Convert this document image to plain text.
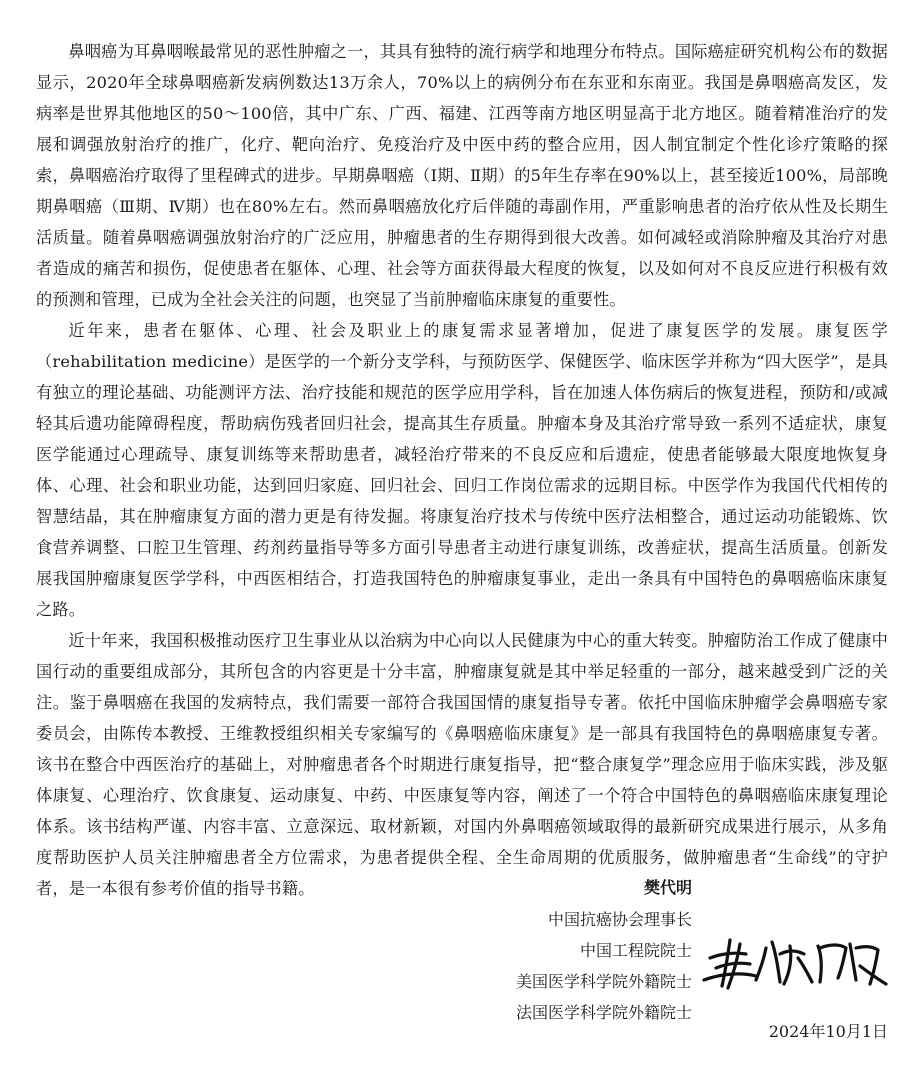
鼻咽癌为耳鼻咽喉最常见的恶性肿瘤之一，其具有独特的流行病学和地理分布特点。国际癌症研究机构公布的数据显示，2020年全球鼻咽癌新发病例数达13万余人，70%以上的病例分布在东亚和东南亚。我国是鼻咽癌高发区，发病率是世界其他地区的50～100倍，其中广东、广西、福建、江西等南方地区明显高于北方地区。随着精准治疗的发展和调强放射治疗的推广，化疗、靶向治疗、免疫治疗及中医中药的整合应用，因人制宜制定个性化诊疗策略的探索，鼻咽癌治疗取得了里程碑式的进步。早期鼻咽癌（Ⅰ期、Ⅱ期）的5年生存率在90%以上，甚至接近100%，局部晚期鼻咽癌（Ⅲ期、Ⅳ期）也在80%左右。然而鼻咽癌放化疗后伴随的毒副作用，严重影响患者的治疗依从性及长期生活质量。随着鼻咽癌调强放射治疗的广泛应用，肿瘤患者的生存期得到很大改善。如何减轻或消除肿瘤及其治疗对患者造成的痛苦和损伤，促使患者在躯体、心理、社会等方面获得最大程度的恢复，以及如何对不良反应进行积极有效的预测和管理，已成为全社会关注的问题，也突显了当前肿瘤临床康复的重要性。

近年来，患者在躯体、心理、社会及职业上的康复需求显著增加，促进了康复医学的发展。康复医学（rehabilitation medicine）是医学的一个新分支学科，与预防医学、保健医学、临床医学并称为“四大医学”，是具有独立的理论基础、功能测评方法、治疗技能和规范的医学应用学科，旨在加速人体伤病后的恢复进程，预防和/或减轻其后遗功能障碍程度，帮助病伤残者回归社会，提高其生存质量。肿瘤本身及其治疗常导致一系列不适症状，康复医学能通过心理疏导、康复训练等来帮助患者，减轻治疗带来的不良反应和后遗症，使患者能够最大限度地恢复身体、心理、社会和职业功能，达到回归家庭、回归社会、回归工作岗位需求的远期目标。中医学作为我国代代相传的智慧结晶，其在肿瘤康复方面的潜力更是有待发掘。将康复治疗技术与传统中医疗法相整合，通过运动功能锻炼、饮食营养调整、口腔卫生管理、药剂药量指导等多方面引导患者主动进行康复训练，改善症状，提高生活质量。创新发展我国肿瘤康复医学学科，中西医相结合，打造我国特色的肿瘤康复事业，走出一条具有中国特色的鼻咽癌临床康复之路。

近十年来，我国积极推动医疗卫生事业从以治病为中心向以人民健康为中心的重大转变。肿瘤防治工作成了健康中国行动的重要组成部分，其所包含的内容更是十分丰富，肿瘤康复就是其中举足轻重的一部分，越来越受到广泛的关注。鉴于鼻咽癌在我国的发病特点，我们需要一部符合我国国情的康复指导专著。依托中国临床肿瘤学会鼻咽癌专家委员会，由陈传本教授、王维教授组织相关专家编写的《鼻咽癌临床康复》是一部具有我国特色的鼻咽癌康复专著。该书在整合中西医治疗的基础上，对肿瘤患者各个时期进行康复指导，把“整合康复学”理念应用于临床实践，涉及躯体康复、心理治疗、饮食康复、运动康复、中药、中医康复等内容，阐述了一个符合中国特色的鼻咽癌临床康复理论体系。该书结构严谨、内容丰富、立意深远、取材新颖，对国内外鼻咽癌领域取得的最新研究成果进行展示，从多角度帮助医护人员关注肿瘤患者全方位需求，为患者提供全程、全生命周期的优质服务，做肿瘤患者“生命线”的守护者，是一本很有参考价值的指导书籍。	樊代明

中国抗癌协会理事长

中国工程院院士

美国医学科学院外籍院士

法国医学科学院外籍院士

2024年10月1日
